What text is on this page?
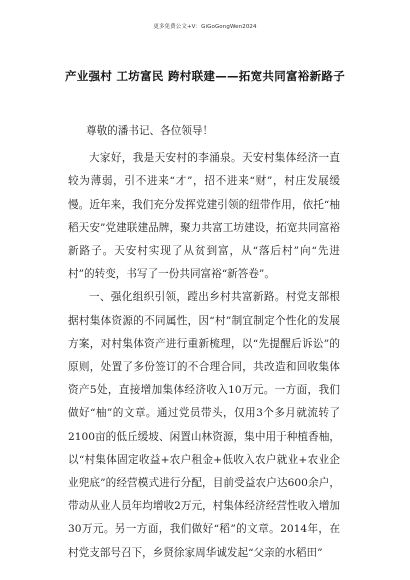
更多免费公文+V：GiGoGongWen2024
产业强村 工坊富民 跨村联建——拓宽共同富裕新路子

尊敬的潘书记、各位领导！

大家好，我是天安村的李涌泉。天安村集体经济一直较为薄弱，引不进来“才”，招不进来“财”，村庄发展缓慢。近年来，我们充分发挥党建引领的纽带作用，依托“柚稻天安”党建联建品牌，聚力共富工坊建设，拓宽共同富裕新路子。天安村实现了从贫到富，从“落后村”向“先进村”的转变，书写了一份共同富裕“新答卷”。

一、强化组织引领，蹚出乡村共富新路。村党支部根据村集体资源的不同属性，因“村”制宜制定个性化的发展方案，对村集体资产进行重新梳理，以“先提醒后诉讼”的原则，处置了多份签订的不合理合同，共改造和回收集体资产5处，直接增加集体经济收入10万元。一方面，我们做好“柚”的文章。通过党员带头，仅用3个多月就流转了2100亩的低丘缓坡、闲置山林资源，集中用于种植香柚，以“村集体固定收益+农户租金+低收入农户就业+农业企业兜底”的经营模式进行分配，目前受益农户达600余户，带动从业人员年均增收2万元，村集体经济经营性收入增加30万元。另一方面，我们做好“稻”的文章。2014年，在村党支部号召下，乡贤徐家周华诚发起“父亲的水稻田”
